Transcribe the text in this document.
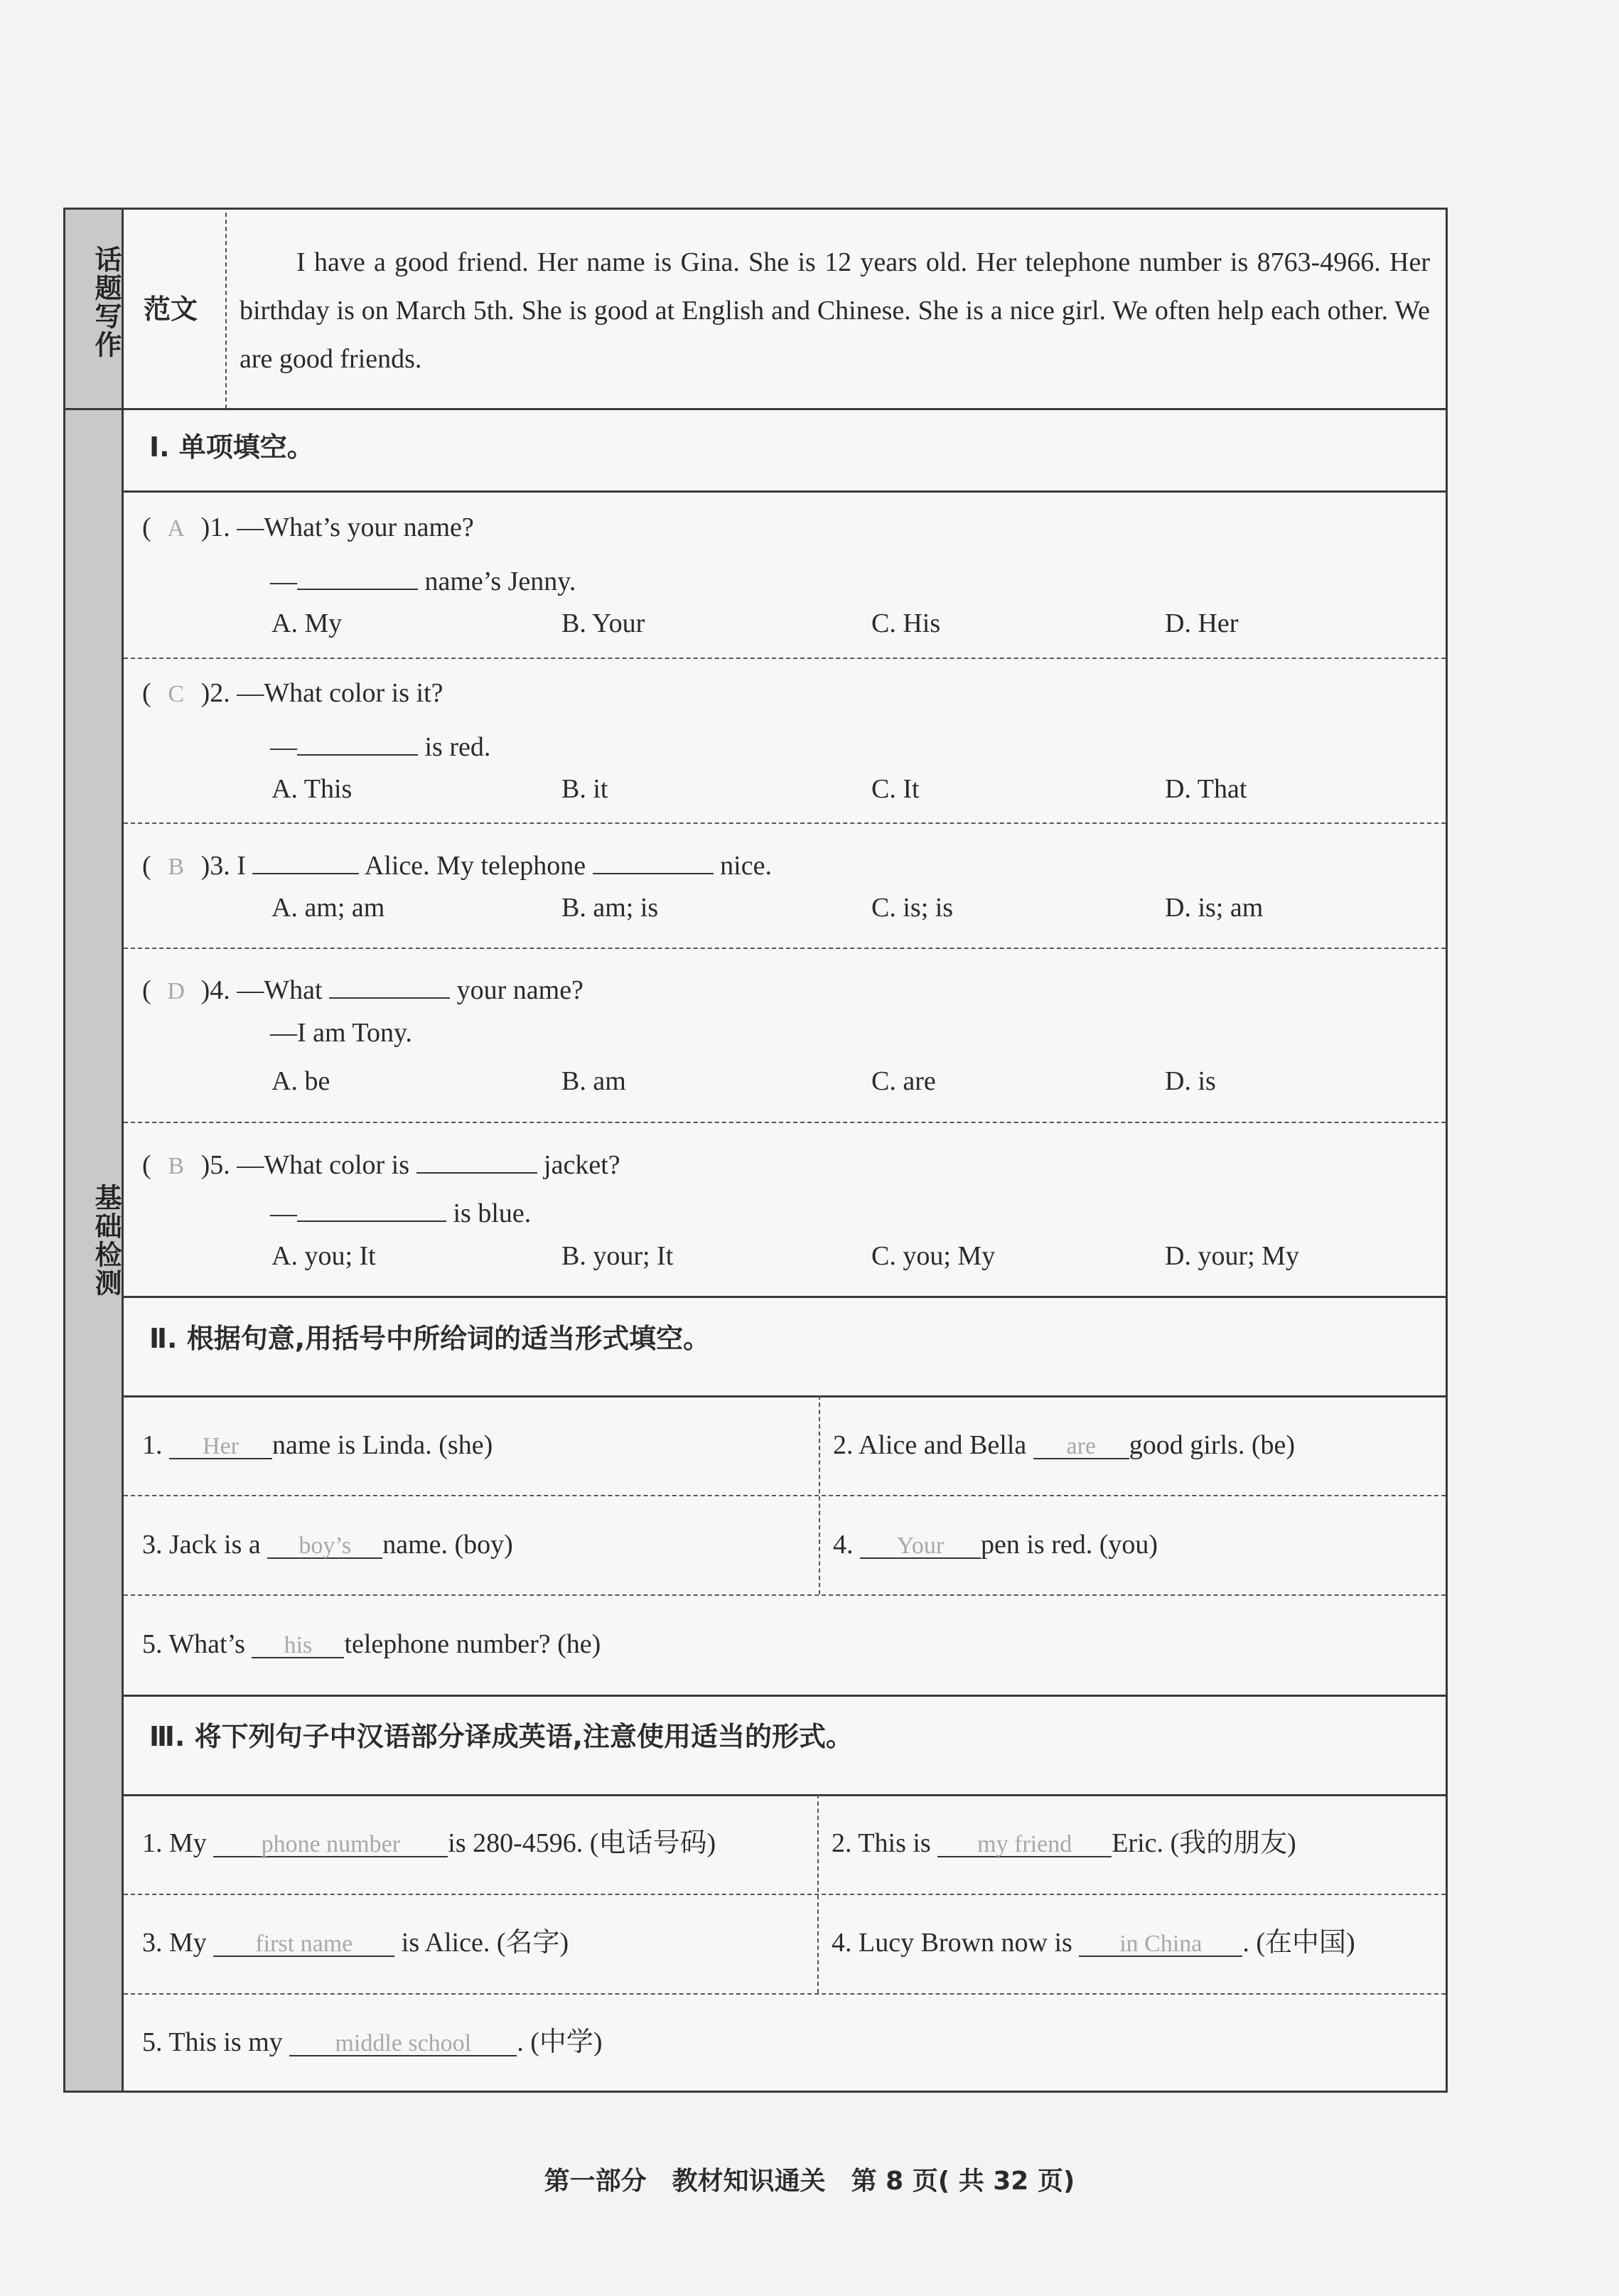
话题写作
基础检测
范文
I have a good friend. Her name is Gina. She is 12 years old. Her telephone number is 8763-4966. Her birthday is on March 5th. She is good at English and Chinese. She is a nice girl. We often help each other. We are good friends.
Ⅰ. 单项填空。
( A )1. —What’s your name?
—	name’s Jenny.
A. My	B. Your	C. His	D. Her
( C )2. —What color is it?
—	is red.
A. This	B. it	C. It	D. That
( B )3. I	Alice. My telephone	nice.
A. am; am	B. am; is	C. is; is	D. is; am
( D )4. —What	your name?
—I am Tony.
A. be	B. am	C. are	D. is
( B )5. —What color is	jacket?
—	is blue.
A. you; It	B. your; It	C. you; My	D. your; My
Ⅱ. 根据句意,用括号中所给词的适当形式填空。
1. Her name is Linda. (she)	2. Alice and Bella are good girls. (be)
3. Jack is a boy’s name. (boy)	4. Your pen is red. (you)
5. What’s his telephone number? (he)
Ⅲ. 将下列句子中汉语部分译成英语,注意使用适当的形式。
1. My phone number is 280-4596. (电话号码)	2. This is my friend Eric. (我的朋友)
3. My first name is Alice. (名字)	4. Lucy Brown now is in China . (在中国)
5. This is my middle school . (中学)
第一部分　教材知识通关　第 8 页( 共 32 页)
